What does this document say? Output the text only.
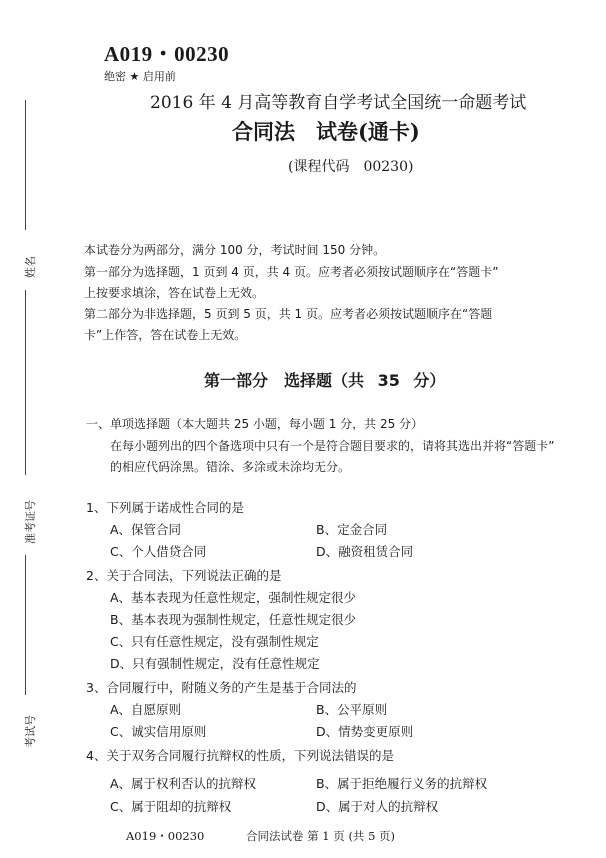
A019・00230
绝密 ★ 启用前
2016 年 4 月高等教育自学考试全国统一命题考试
合同法　试卷(通卡)
(课程代码　00230)
姓名
准考证号
考试号
本试卷分为两部分，满分 100 分，考试时间 150 分钟。
第一部分为选择题，1 页到 4 页，共 4 页。应考者必须按试题顺序在“答题卡”
上按要求填涂，答在试卷上无效。
第二部分为非选择题，5 页到 5 页，共 1 页。应考者必须按试题顺序在“答题
卡”上作答，答在试卷上无效。
第一部分　选择题（共 35 分）
一、单项选择题（本大题共 25 小题，每小题 1 分，共 25 分）
在每小题列出的四个备选项中只有一个是符合题目要求的，请将其选出并将“答题卡”
的相应代码涂黑。错涂、多涂或未涂均无分。
1、下列属于诺成性合同的是
A、保管合同	B、定金合同
C、个人借贷合同	D、融资租赁合同
2、关于合同法，下列说法正确的是
A、基本表现为任意性规定，强制性规定很少
B、基本表现为强制性规定，任意性规定很少
C、只有任意性规定，没有强制性规定
D、只有强制性规定，没有任意性规定
3、合同履行中，附随义务的产生是基于合同法的
A、自愿原则	B、公平原则
C、诚实信用原则	D、情势变更原则
4、关于双务合同履行抗辩权的性质，下列说法错误的是
A、属于权利否认的抗辩权	B、属于拒绝履行义务的抗辩权
C、属于阻却的抗辩权	D、属于对人的抗辩权
A019・00230	合同法试卷 第 1 页 (共 5 页)
